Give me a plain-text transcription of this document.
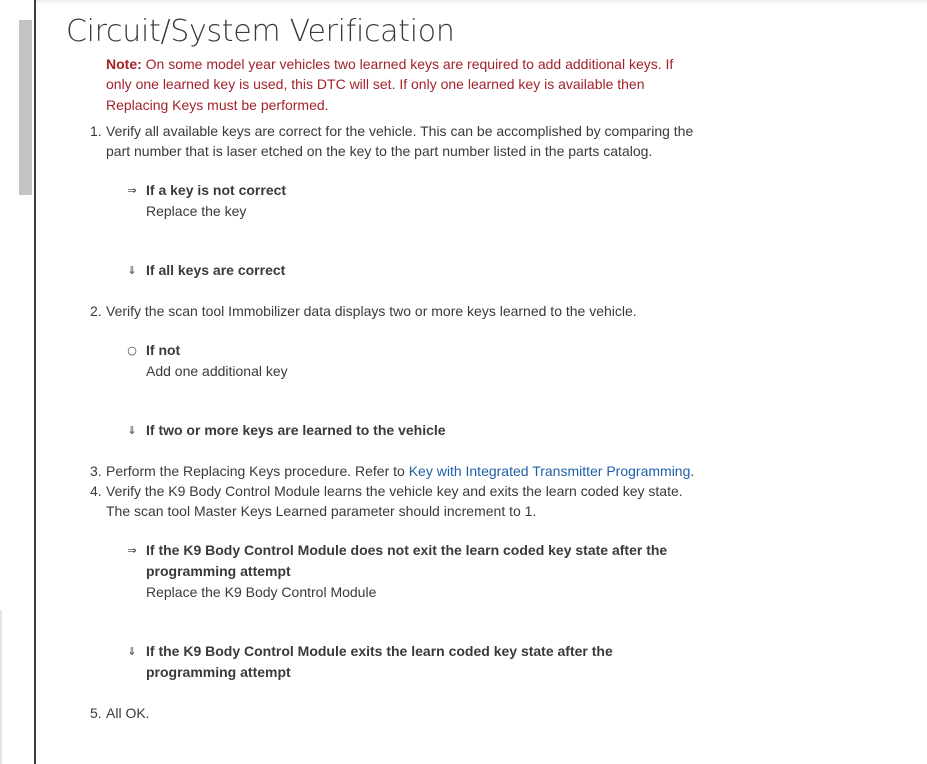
Circuit/System Verification
Note: On some model year vehicles two learned keys are required to add additional keys. If only one learned key is used, this DTC will set. If only one learned key is available then Replacing Keys must be performed.
1. Verify all available keys are correct for the vehicle. This can be accomplished by comparing the part number that is laser etched on the key to the part number listed in the parts catalog.
⇒ If a key is not correct
Replace the key
⇓ If all keys are correct
2. Verify the scan tool Immobilizer data displays two or more keys learned to the vehicle.
○ If not
Add one additional key
⇓ If two or more keys are learned to the vehicle
3. Perform the Replacing Keys procedure. Refer to Key with Integrated Transmitter Programming.
4. Verify the K9 Body Control Module learns the vehicle key and exits the learn coded key state. The scan tool Master Keys Learned parameter should increment to 1.
⇒ If the K9 Body Control Module does not exit the learn coded key state after the programming attempt
Replace the K9 Body Control Module
⇓ If the K9 Body Control Module exits the learn coded key state after the programming attempt
5. All OK.
